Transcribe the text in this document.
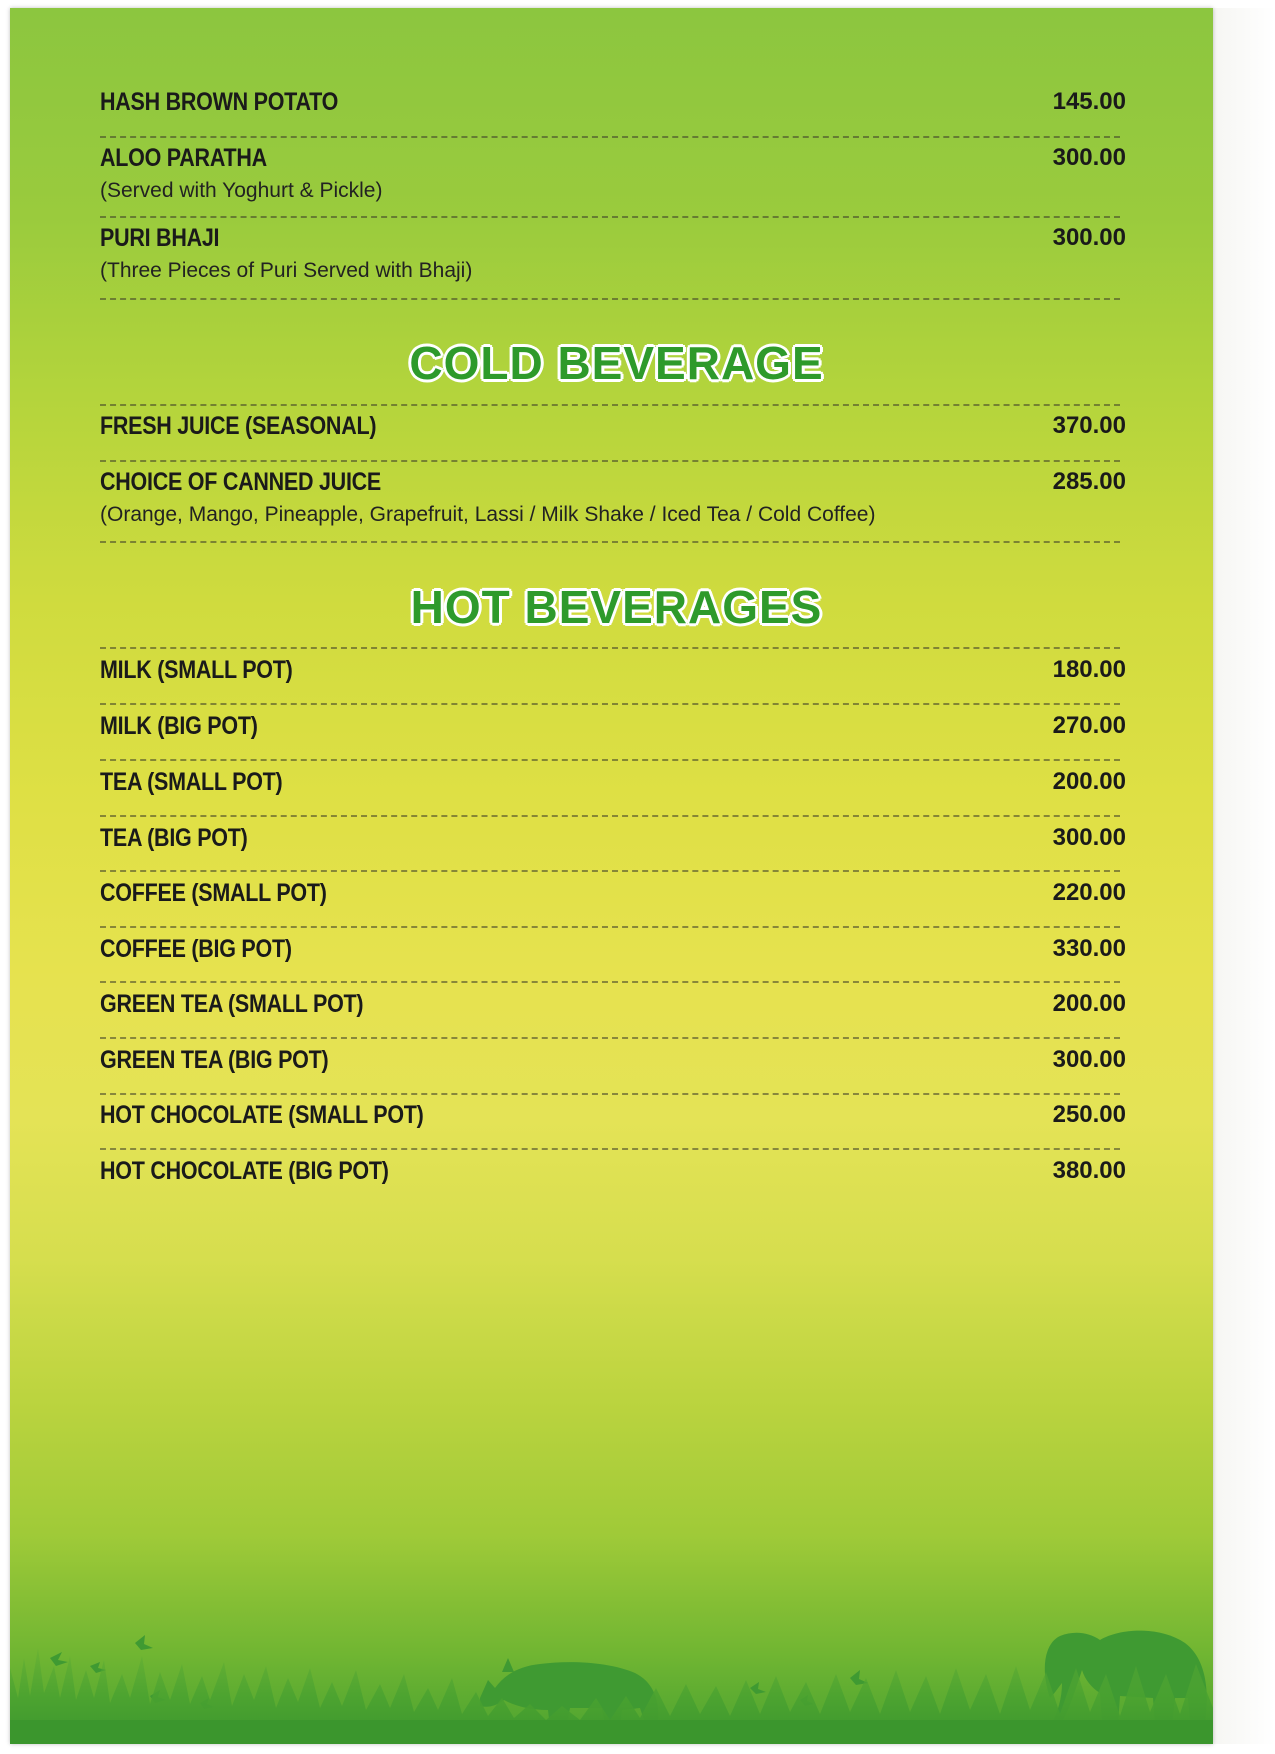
HASH BROWN POTATO	145.00
ALOO PARATHA	300.00
(Served with Yoghurt & Pickle)
PURI BHAJI	300.00
(Three Pieces of Puri Served with Bhaji)
COLD BEVERAGE
FRESH JUICE (SEASONAL)	370.00
CHOICE OF CANNED JUICE	285.00
(Orange, Mango, Pineapple, Grapefruit, Lassi / Milk Shake / Iced Tea / Cold Coffee)
HOT BEVERAGES
MILK (SMALL POT)	180.00
MILK (BIG POT)	270.00
TEA (SMALL POT)	200.00
TEA (BIG POT)	300.00
COFFEE (SMALL POT)	220.00
COFFEE (BIG POT)	330.00
GREEN TEA (SMALL POT)	200.00
GREEN TEA (BIG POT)	300.00
HOT CHOCOLATE (SMALL POT)	250.00
HOT CHOCOLATE (BIG POT)	380.00
